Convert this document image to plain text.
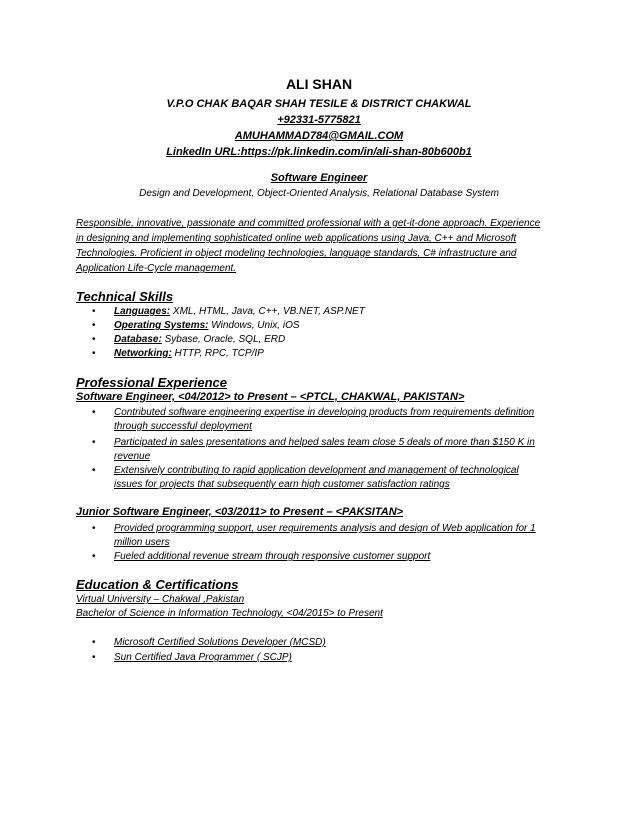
ALI SHAN
V.P.O CHAK BAQAR SHAH TESILE & DISTRICT CHAKWAL
+92331-5775821
AMUHAMMAD784@GMAIL.COM
LinkedIn URL:https://pk.linkedin.com/in/ali-shan-80b600b1
Software Engineer
Design and Development, Object-Oriented Analysis, Relational Database System
Responsible, innovative, passionate and committed professional with a get-it-done approach. Experience
in designing and implementing sophisticated online web applications using Java, C++ and Microsoft
Technologies. Proficient in object modeling technologies, language standards, C# infrastructure and
Application Life-Cycle management.
Technical Skills
• Languages: XML, HTML, Java, C++, VB.NET, ASP.NET
• Operating Systems: Windows, Unix, iOS
• Database: Sybase, Oracle, SQL, ERD
• Networking: HTTP, RPC, TCP/IP
Professional Experience
Software Engineer, <04/2012> to Present – <PTCL, CHAKWAL, PAKISTAN>
• Contributed software engineering expertise in developing products from requirements definition
through successful deployment
• Participated in sales presentations and helped sales team close 5 deals of more than $150 K in
revenue
• Extensively contributing to rapid application development and management of technological
issues for projects that subsequently earn high customer satisfaction ratings
Junior Software Engineer, <03/2011> to Present – <PAKSITAN>
• Provided programming support, user requirements analysis and design of Web application for 1
million users
• Fueled additional revenue stream through responsive customer support
Education & Certifications
Virtual University – Chakwal ,Pakistan
Bachelor of Science in Information Technology, <04/2015> to Present
• Microsoft Certified Solutions Developer (MCSD)
• Sun Certified Java Programmer ( SCJP)
